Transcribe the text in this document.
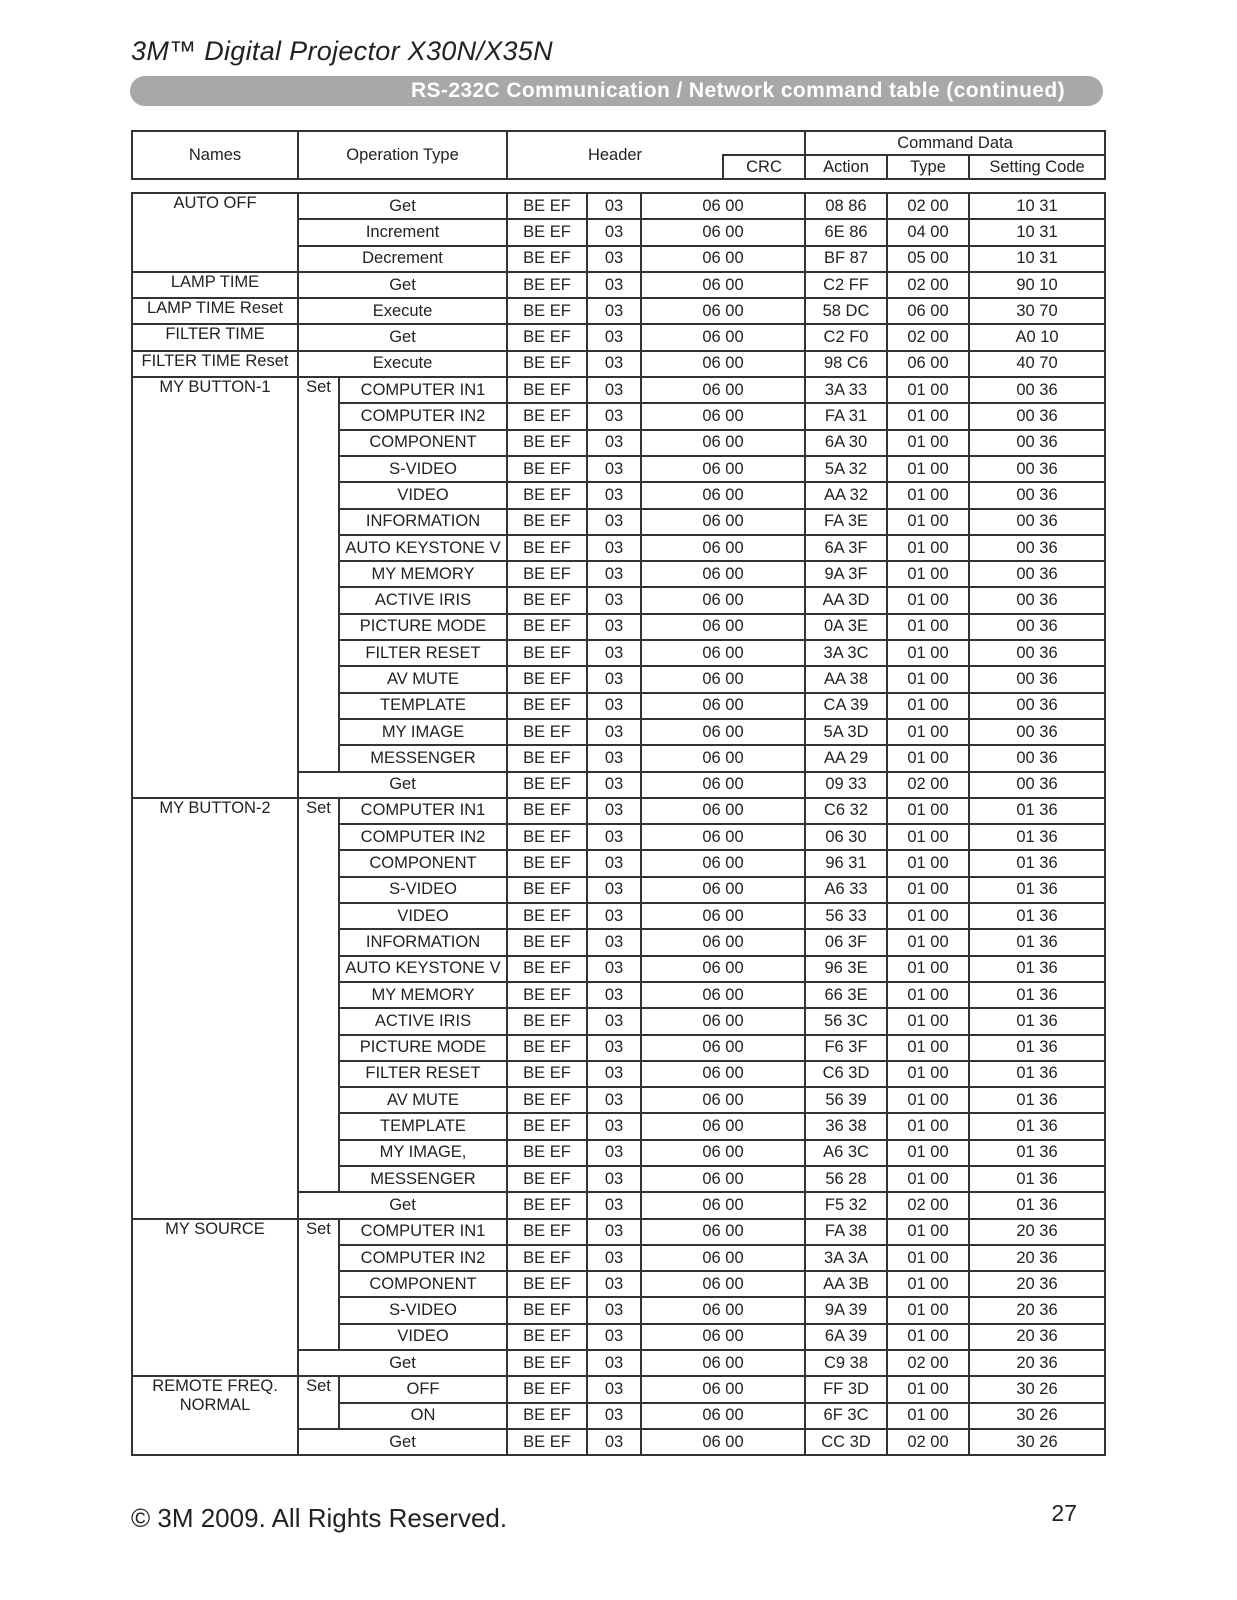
3M™ Digital Projector X30N/X35N
RS-232C Communication / Network command table (continued)
Names	Operation Type		Header				Command Data			
						CRC	Action	Type	Setting Code	

AUTO OFF	Get		BE EF	03	06 00		08 86	02 00	10 31	
	Increment		BE EF	03	06 00		6E 86	04 00	10 31	
	Decrement		BE EF	03	06 00		BF 87	05 00	10 31	
LAMP TIME	Get		BE EF	03	06 00		C2 FF	02 00	90 10	
LAMP TIME Reset	Execute		BE EF	03	06 00		58 DC	06 00	30 70	
FILTER TIME	Get		BE EF	03	06 00		C2 F0	02 00	A0 10	
FILTER TIME Reset	Execute		BE EF	03	06 00		98 C6	06 00	40 70	
MY BUTTON-1	Set	COMPUTER IN1	BE EF	03	06 00		3A 33	01 00	00 36	
		COMPUTER IN2	BE EF	03	06 00		FA 31	01 00	00 36	
		COMPONENT	BE EF	03	06 00		6A 30	01 00	00 36	
		S-VIDEO	BE EF	03	06 00		5A 32	01 00	00 36	
		VIDEO	BE EF	03	06 00		AA 32	01 00	00 36	
		INFORMATION	BE EF	03	06 00		FA 3E	01 00	00 36	
		AUTO KEYSTONE V	BE EF	03	06 00		6A 3F	01 00	00 36	
		MY MEMORY	BE EF	03	06 00		9A 3F	01 00	00 36	
		ACTIVE IRIS	BE EF	03	06 00		AA 3D	01 00	00 36	
		PICTURE MODE	BE EF	03	06 00		0A 3E	01 00	00 36	
		FILTER RESET	BE EF	03	06 00		3A 3C	01 00	00 36	
		AV MUTE	BE EF	03	06 00		AA 38	01 00	00 36	
		TEMPLATE	BE EF	03	06 00		CA 39	01 00	00 36	
		MY IMAGE	BE EF	03	06 00		5A 3D	01 00	00 36	
		MESSENGER	BE EF	03	06 00		AA 29	01 00	00 36	
	Get		BE EF	03	06 00		09 33	02 00	00 36	
MY BUTTON-2	Set	COMPUTER IN1	BE EF	03	06 00		C6 32	01 00	01 36	
		COMPUTER IN2	BE EF	03	06 00		06 30	01 00	01 36	
		COMPONENT	BE EF	03	06 00		96 31	01 00	01 36	
		S-VIDEO	BE EF	03	06 00		A6 33	01 00	01 36	
		VIDEO	BE EF	03	06 00		56 33	01 00	01 36	
		INFORMATION	BE EF	03	06 00		06 3F	01 00	01 36	
		AUTO KEYSTONE V	BE EF	03	06 00		96 3E	01 00	01 36	
		MY MEMORY	BE EF	03	06 00		66 3E	01 00	01 36	
		ACTIVE IRIS	BE EF	03	06 00		56 3C	01 00	01 36	
		PICTURE MODE	BE EF	03	06 00		F6 3F	01 00	01 36	
		FILTER RESET	BE EF	03	06 00		C6 3D	01 00	01 36	
		AV MUTE	BE EF	03	06 00		56 39	01 00	01 36	
		TEMPLATE	BE EF	03	06 00		36 38	01 00	01 36	
		MY IMAGE,	BE EF	03	06 00		A6 3C	01 00	01 36	
		MESSENGER	BE EF	03	06 00		56 28	01 00	01 36	
	Get		BE EF	03	06 00		F5 32	02 00	01 36	
MY SOURCE	Set	COMPUTER IN1	BE EF	03	06 00		FA 38	01 00	20 36	
		COMPUTER IN2	BE EF	03	06 00		3A 3A	01 00	20 36	
		COMPONENT	BE EF	03	06 00		AA 3B	01 00	20 36	
		S-VIDEO	BE EF	03	06 00		9A 39	01 00	20 36	
		VIDEO	BE EF	03	06 00		6A 39	01 00	20 36	
	Get		BE EF	03	06 00		C9 38	02 00	20 36	
REMOTE FREQ.
NORMAL	Set	OFF	BE EF	03	06 00		FF 3D	01 00	30 26	
		ON	BE EF	03	06 00		6F 3C	01 00	30 26	
	Get		BE EF	03	06 00		CC 3D	02 00	30 26	
© 3M 2009. All Rights Reserved.	27
